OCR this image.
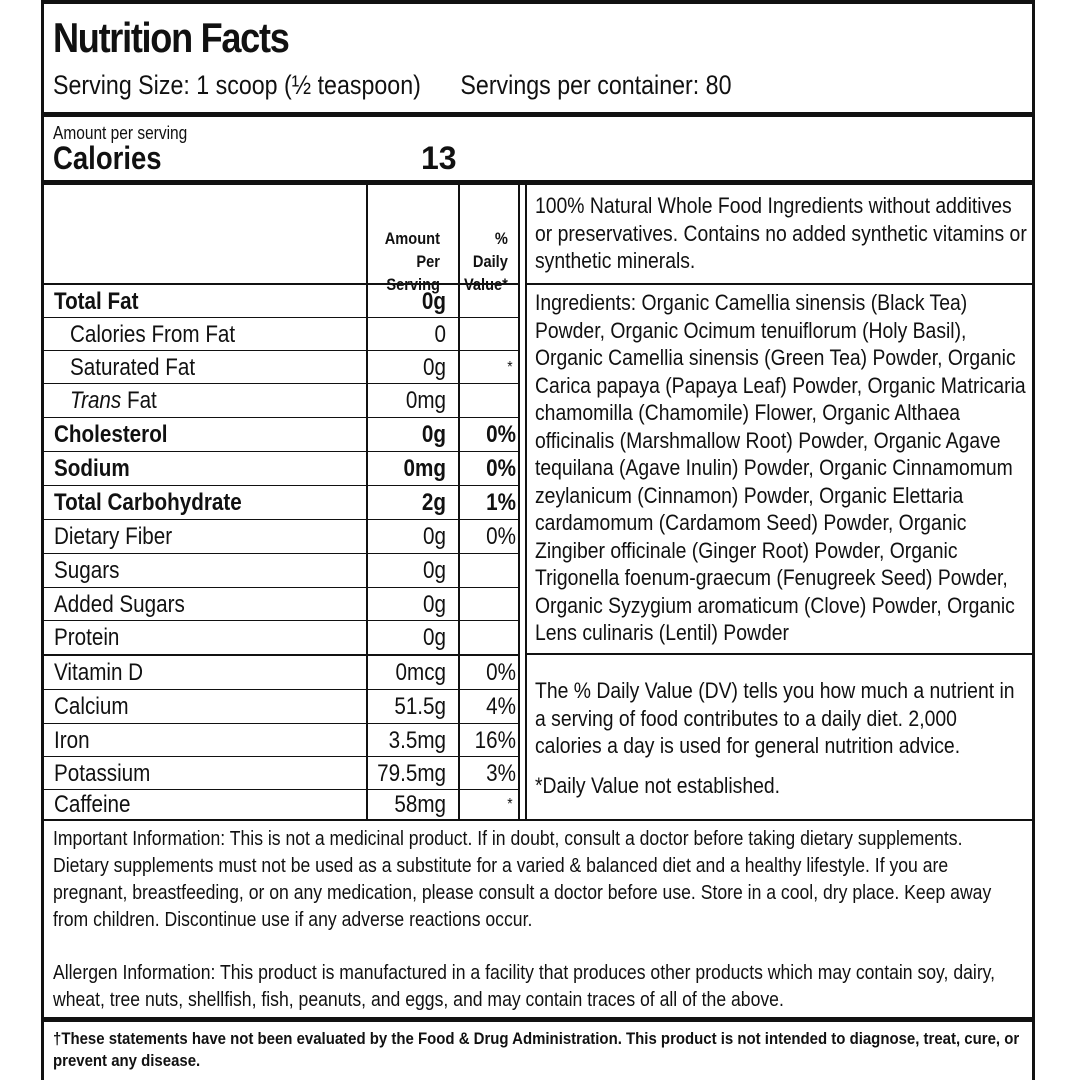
Nutrition Facts
Serving Size: 1 scoop (½ teaspoon) Servings per container: 80
Amount per serving
Calories	13
Amount Per
Serving
% Daily
Value*
Total Fat	0g
Calories From Fat	0
Saturated Fat	0g	*
Trans Fat	0mg
Cholesterol	0g	0%
Sodium	0mg	0%
Total Carbohydrate	2g	1%
Dietary Fiber	0g	0%
Sugars	0g
Added Sugars	0g
Protein	0g
Vitamin D	0mcg	0%
Calcium	51.5g	4%
Iron	3.5mg 16%
Potassium	79.5mg	3%
Caffeine	58mg	*
100% Natural Whole Food Ingredients without additives or preservatives. Contains no added synthetic vitamins or synthetic minerals.
Ingredients: Organic Camellia sinensis (Black Tea) Powder, Organic Ocimum tenuiflorum (Holy Basil), Organic Camellia sinensis (Green Tea) Powder, Organic Carica papaya (Papaya Leaf) Powder, Organic Matricaria chamomilla (Chamomile) Flower, Organic Althaea officinalis (Marshmallow Root) Powder, Organic Agave tequilana (Agave Inulin) Powder, Organic Cinnamomum zeylanicum (Cinnamon) Powder, Organic Elettaria cardamomum (Cardamom Seed) Powder, Organic Zingiber officinale (Ginger Root) Powder, Organic Trigonella foenum-graecum (Fenugreek Seed) Powder, Organic Syzygium aromaticum (Clove) Powder, Organic Lens culinaris (Lentil) Powder
The % Daily Value (DV) tells you how much a nutrient in a serving of food contributes to a daily diet. 2,000 calories a day is used for general nutrition advice.
*Daily Value not established.
Important Information: This is not a medicinal product. If in doubt, consult a doctor before taking dietary supplements. Dietary supplements must not be used as a substitute for a varied & balanced diet and a healthy lifestyle. If you are pregnant, breastfeeding, or on any medication, please consult a doctor before use. Store in a cool, dry place. Keep away from children. Discontinue use if any adverse reactions occur.
Allergen Information: This product is manufactured in a facility that produces other products which may contain soy, dairy, wheat, tree nuts, shellfish, fish, peanuts, and eggs, and may contain traces of all of the above.
†These statements have not been evaluated by the Food & Drug Administration. This product is not intended to diagnose, treat, cure, or prevent any disease.
